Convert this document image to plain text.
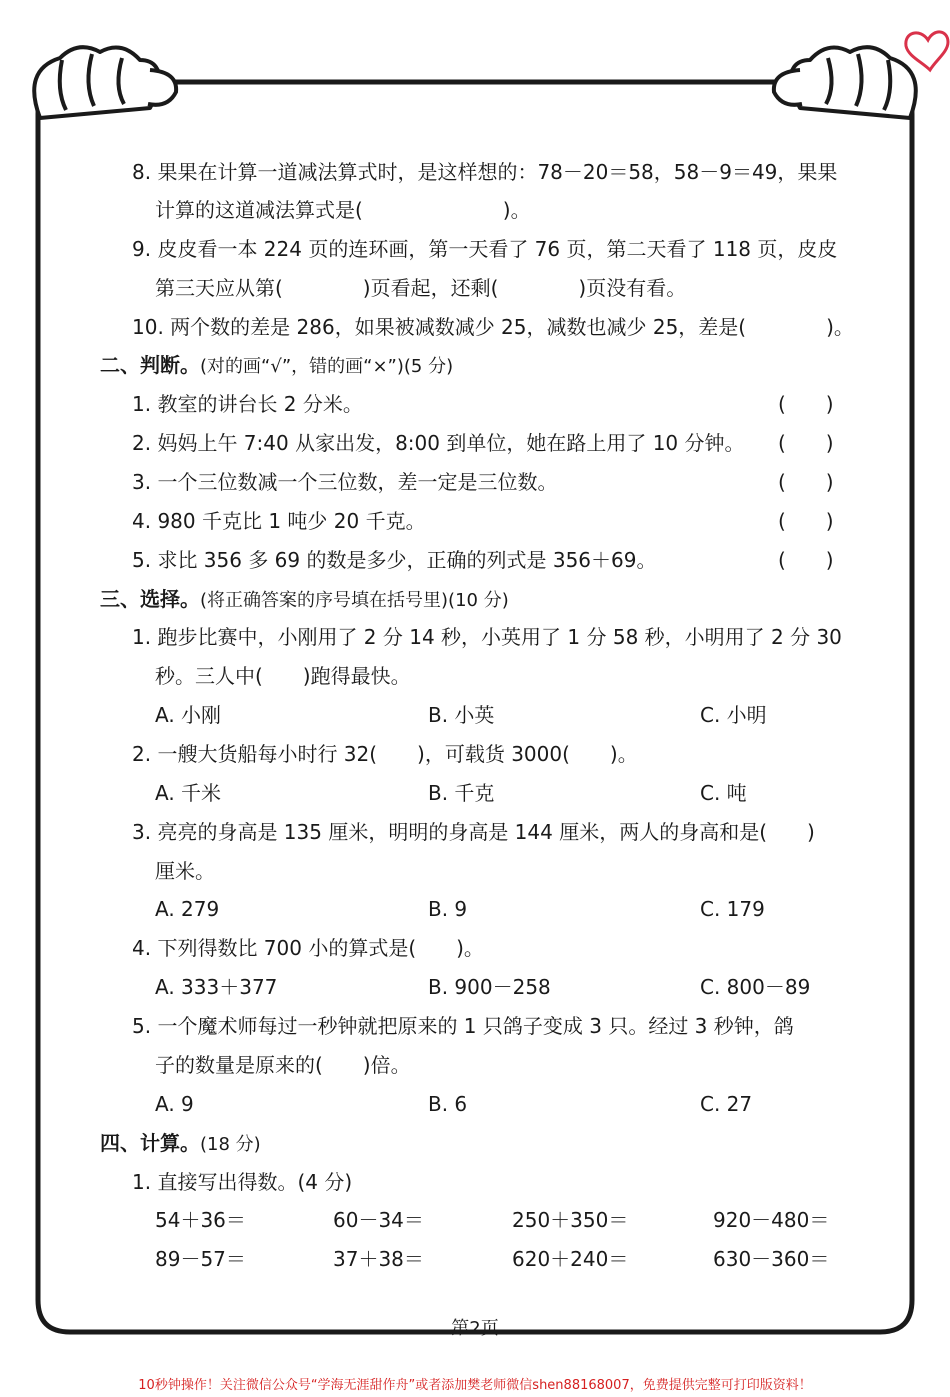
8. 果果在计算一道减法算式时，是这样想的：78－20＝58，58－9＝49，果果
计算的这道减法算式是(　　　　　　　)。
9. 皮皮看一本 224 页的连环画，第一天看了 76 页，第二天看了 118 页，皮皮
第三天应从第(　　　　)页看起，还剩(　　　　)页没有看。
10. 两个数的差是 286，如果被减数减少 25，减数也减少 25，差是(　　　　)。
二、判断。(对的画“√”，错的画“×”)(5 分)
1. 教室的讲台长 2 分米。	(　　)
2. 妈妈上午 7:40 从家出发，8:00 到单位，她在路上用了 10 分钟。 (　　)
3. 一个三位数减一个三位数，差一定是三位数。	(　　)
4. 980 千克比 1 吨少 20 千克。	(　　)
5. 求比 356 多 69 的数是多少，正确的列式是 356＋69。	(　　)
三、选择。(将正确答案的序号填在括号里)(10 分)
1. 跑步比赛中，小刚用了 2 分 14 秒，小英用了 1 分 58 秒，小明用了 2 分 30
秒。三人中(　　)跑得最快。
A. 小刚	B. 小英	C. 小明
2. 一艘大货船每小时行 32(　　)，可载货 3000(　　)。
A. 千米	B. 千克	C. 吨
3. 亮亮的身高是 135 厘米，明明的身高是 144 厘米，两人的身高和是(　　)
厘米。
A. 279	B. 9	C. 179
4. 下列得数比 700 小的算式是(　　)。
A. 333＋377	B. 900－258	C. 800－89
5. 一个魔术师每过一秒钟就把原来的 1 只鸽子变成 3 只。经过 3 秒钟，鸽
子的数量是原来的(　　)倍。
A. 9	B. 6	C. 27
四、计算。(18 分)
1. 直接写出得数。(4 分)
54＋36＝	60－34＝	250＋350＝	920－480＝
89－57＝	37＋38＝	620＋240＝	630－360＝
第2页
10秒钟操作！关注微信公众号“学海无涯甜作舟”或者添加樊老师微信shen88168007，免费提供完整可打印版资料！
